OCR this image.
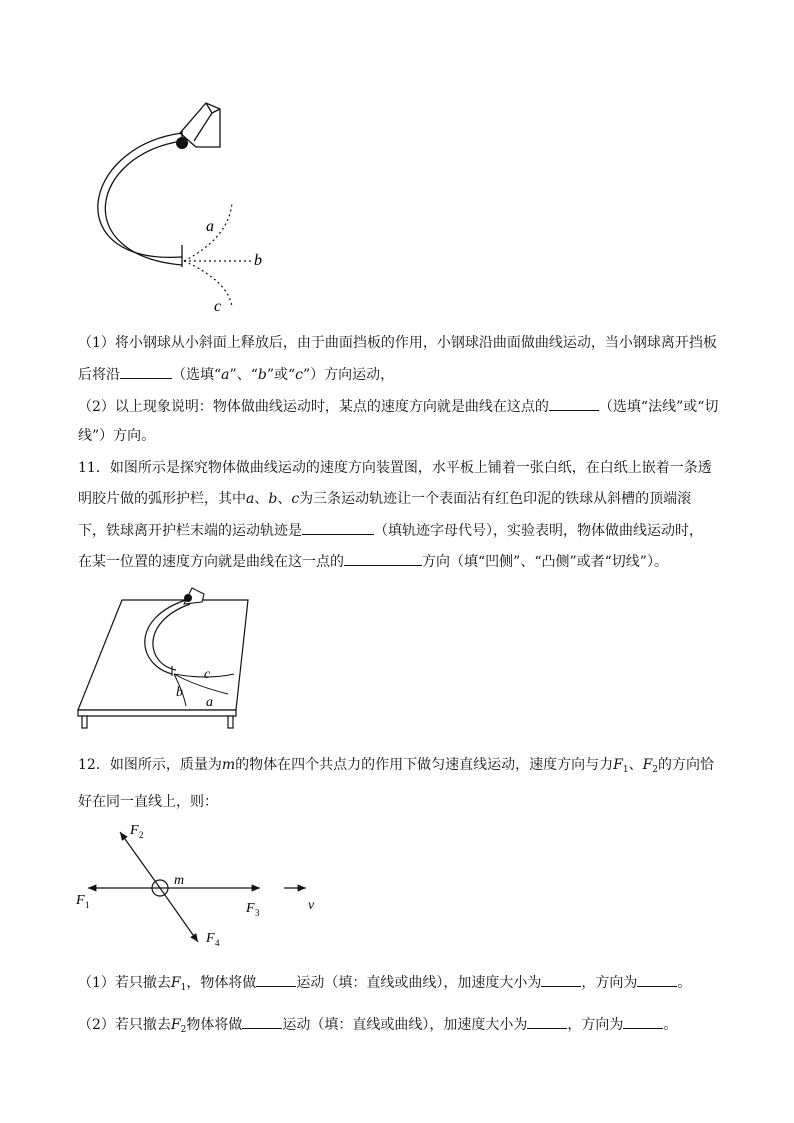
a
b
c
（1）将小钢球从小斜面上释放后，由于曲面挡板的作用，小钢球沿曲面做曲线运动，当小钢球离开挡板
后将沿	（选填“a”、“b”或“c”）方向运动，
（2）以上现象说明：物体做曲线运动时，某点的速度方向就是曲线在这点的	（选填“法线”或“切
线”）方向。
11．如图所示是探究物体做曲线运动的速度方向装置图，水平板上铺着一张白纸，在白纸上嵌着一条透
明胶片做的弧形护栏，其中a、b、c为三条运动轨迹让一个表面沾有红色印泥的铁球从斜槽的顶端滚
下，铁球离开护栏末端的运动轨迹是	（填轨迹字母代号），实验表明，物体做曲线运动时，
在某一位置的速度方向就是曲线在这一点的	方向（填“凹侧”、“凸侧”或者“切线”）。
c
b
a
12．如图所示，质量为m的物体在四个共点力的作用下做匀速直线运动，速度方向与力$F_1$、$F_2$的方向恰
好在同一直线上，则：
F 2
m
F 1	F 3
F 4
v
（1）若只撤去$F_1$，物体将做	运动（填：直线或曲线），加速度大小为	，方向为	。
（2）若只撤去$F_2$物体将做	运动（填：直线或曲线），加速度大小为	，方向为	。
